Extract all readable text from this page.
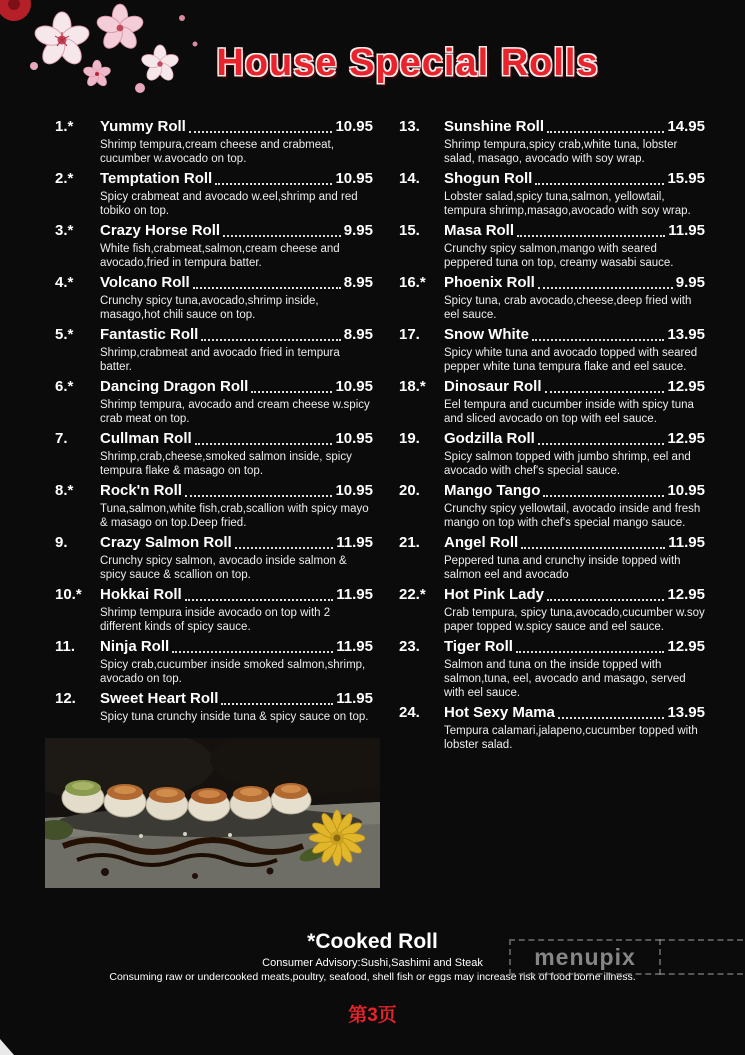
House Special Rolls
1.*	Yummy Roll	10.95
Shrimp tempura,cream cheese and crabmeat, cucumber w.avocado on top.
2.*	Temptation Roll	10.95
Spicy crabmeat and avocado w.eel,shrimp and red tobiko on top.
3.*	Crazy Horse Roll	9.95
White fish,crabmeat,salmon,cream cheese and avocado,fried in tempura batter.
4.*	Volcano Roll	8.95
Crunchy spicy tuna,avocado,shrimp inside, masago,hot chili sauce on top.
5.*	Fantastic Roll	8.95
Shrimp,crabmeat and avocado fried in tempura batter.
6.*	Dancing Dragon Roll	10.95
Shrimp tempura, avocado and cream cheese w.spicy crab meat on top.
7.	Cullman Roll	10.95
Shrimp,crab,cheese,smoked salmon inside, spicy tempura flake & masago on top.
8.*	Rock'n Roll	10.95
Tuna,salmon,white fish,crab,scallion with spicy mayo & masago on top.Deep fried.
9.	Crazy Salmon Roll	11.95
Crunchy spicy salmon, avocado inside salmon & spicy sauce & scallion on top.
10.*	Hokkai Roll	11.95
Shrimp tempura inside avocado on top with 2 different kinds of spicy sauce.
11.	Ninja Roll	11.95
Spicy crab,cucumber inside smoked salmon,shrimp, avocado on top.
12.	Sweet Heart Roll	11.95
Spicy tuna crunchy inside tuna & spicy sauce on top.
13.	Sunshine Roll	14.95
Shrimp tempura,spicy crab,white tuna, lobster salad, masago, avocado with soy wrap.
14.	Shogun Roll	15.95
Lobster salad,spicy tuna,salmon, yellowtail, tempura shrimp,masago,avocado with soy wrap.
15.	Masa Roll	11.95
Crunchy spicy salmon,mango with seared peppered tuna on top, creamy wasabi sauce.
16.*	Phoenix Roll	9.95
Spicy tuna, crab avocado,cheese,deep fried with eel sauce.
17.	Snow White	13.95
Spicy white tuna and avocado topped with seared pepper white tuna tempura flake and eel sauce.
18.*	Dinosaur Roll	12.95
Eel tempura and cucumber inside with spicy tuna and sliced avocado on top with eel sauce.
19.	Godzilla Roll	12.95
Spicy salmon topped with jumbo shrimp, eel and avocado with chef's special sauce.
20.	Mango Tango	10.95
Crunchy spicy yellowtail, avocado inside and fresh mango on top with chef's special mango sauce.
21.	Angel Roll	11.95
Peppered tuna and crunchy inside topped with salmon eel and avocado
22.*	Hot Pink Lady	12.95
Crab tempura, spicy tuna,avocado,cucumber w.soy paper topped w.spicy sauce and eel sauce.
23.	Tiger Roll	12.95
Salmon and tuna on the inside topped with salmon,tuna, eel, avocado and masago, served with eel sauce.
24.	Hot Sexy Mama	13.95
Tempura calamari,jalapeno,cucumber topped with lobster salad.
*Cooked Roll
Consumer Advisory:Sushi,Sashimi and Steak
Consuming raw or undercooked meats,poultry, seafood, shell fish or eggs may increase risk of food borne illness.
menupix
第3页
